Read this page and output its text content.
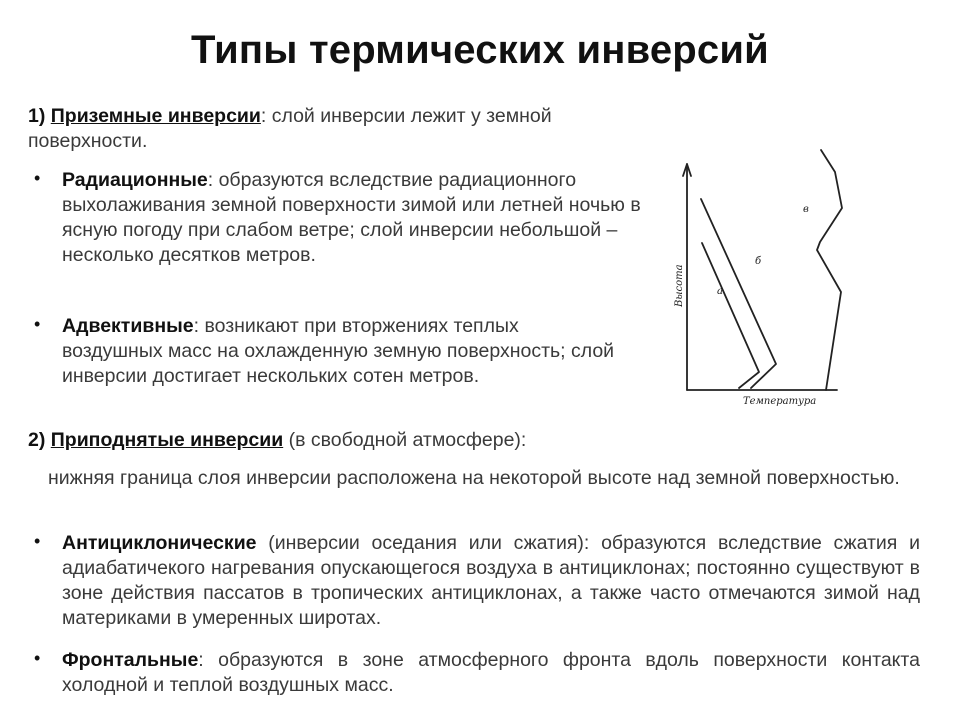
Типы термических инверсий
1) Приземные инверсии: слой инверсии лежит у земной поверхности.
• Радиационные: образуются вследствие радиационного выхолаживания земной поверхности зимой или летней ночью в ясную погоду при слабом ветре; слой инверсии небольшой – несколько десятков метров.
• Адвективные: возникают при вторжениях теплых воздушных масс на охлажденную земную поверхность; слой инверсии достигает нескольких сотен метров.
2) Приподнятые инверсии (в свободной атмосфере):
нижняя граница слоя инверсии расположена на некоторой высоте над земной поверхностью.
• Антициклонические (инверсии оседания или сжатия): образуются вследствие сжатия и адиабатичекого нагревания опускающегося воздуха в антициклонах; постоянно существуют в зоне действия пассатов в тропических антициклонах, а также часто отмечаются зимой над материками в умеренных широтах.
• Фронтальные: образуются в зоне атмосферного фронта вдоль поверхности контакта холодной и теплой воздушных масс.
а
б
в
Температура
Высота
